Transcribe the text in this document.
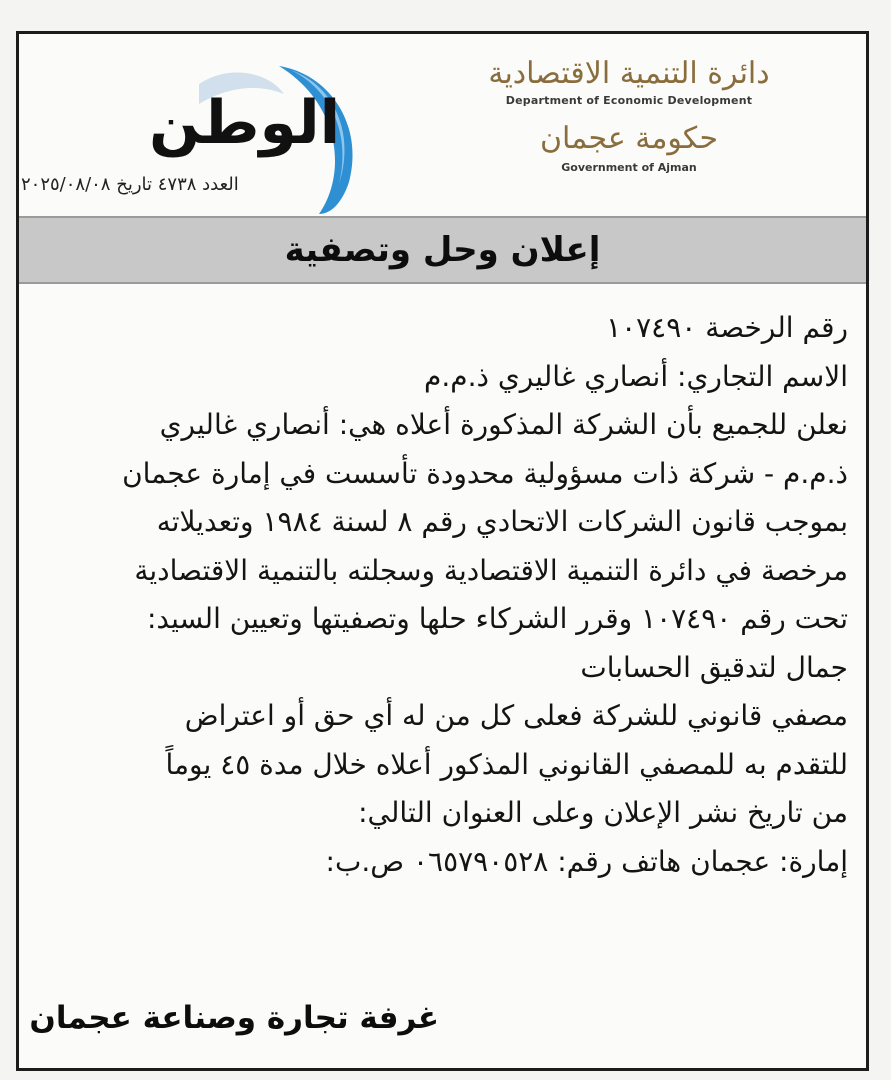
الوطن
العدد ٤٧٣٨ تاريخ ٢٠٢٥/٠٨/٠٨
دائرة التنمية الاقتصادية
Department of Economic Development
حكومة عجمان
Government of Ajman
إعلان وحل وتصفية

رقم الرخصة ١٠٧٤٩٠

الاسم التجاري: أنصاري غاليري ذ.م.م

نعلن للجميع بأن الشركة المذكورة أعلاه هي: أنصاري غاليري

ذ.م.م - شركة ذات مسؤولية محدودة تأسست في إمارة عجمان

بموجب قانون الشركات الاتحادي رقم ٨ لسنة ١٩٨٤ وتعديلاته

مرخصة في دائرة التنمية الاقتصادية وسجلته بالتنمية الاقتصادية

تحت رقم ١٠٧٤٩٠ وقرر الشركاء حلها وتصفيتها وتعيين السيد:

جمال لتدقيق الحسابات

مصفي قانوني للشركة فعلى كل من له أي حق أو اعتراض

للتقدم به للمصفي القانوني المذكور أعلاه خلال مدة ٤٥ يوماً

من تاريخ نشر الإعلان وعلى العنوان التالي:

إمارة: عجمان هاتف رقم: ٠٦٥٧٩٠٥٢٨ ص.ب:

غرفة تجارة وصناعة عجمان
